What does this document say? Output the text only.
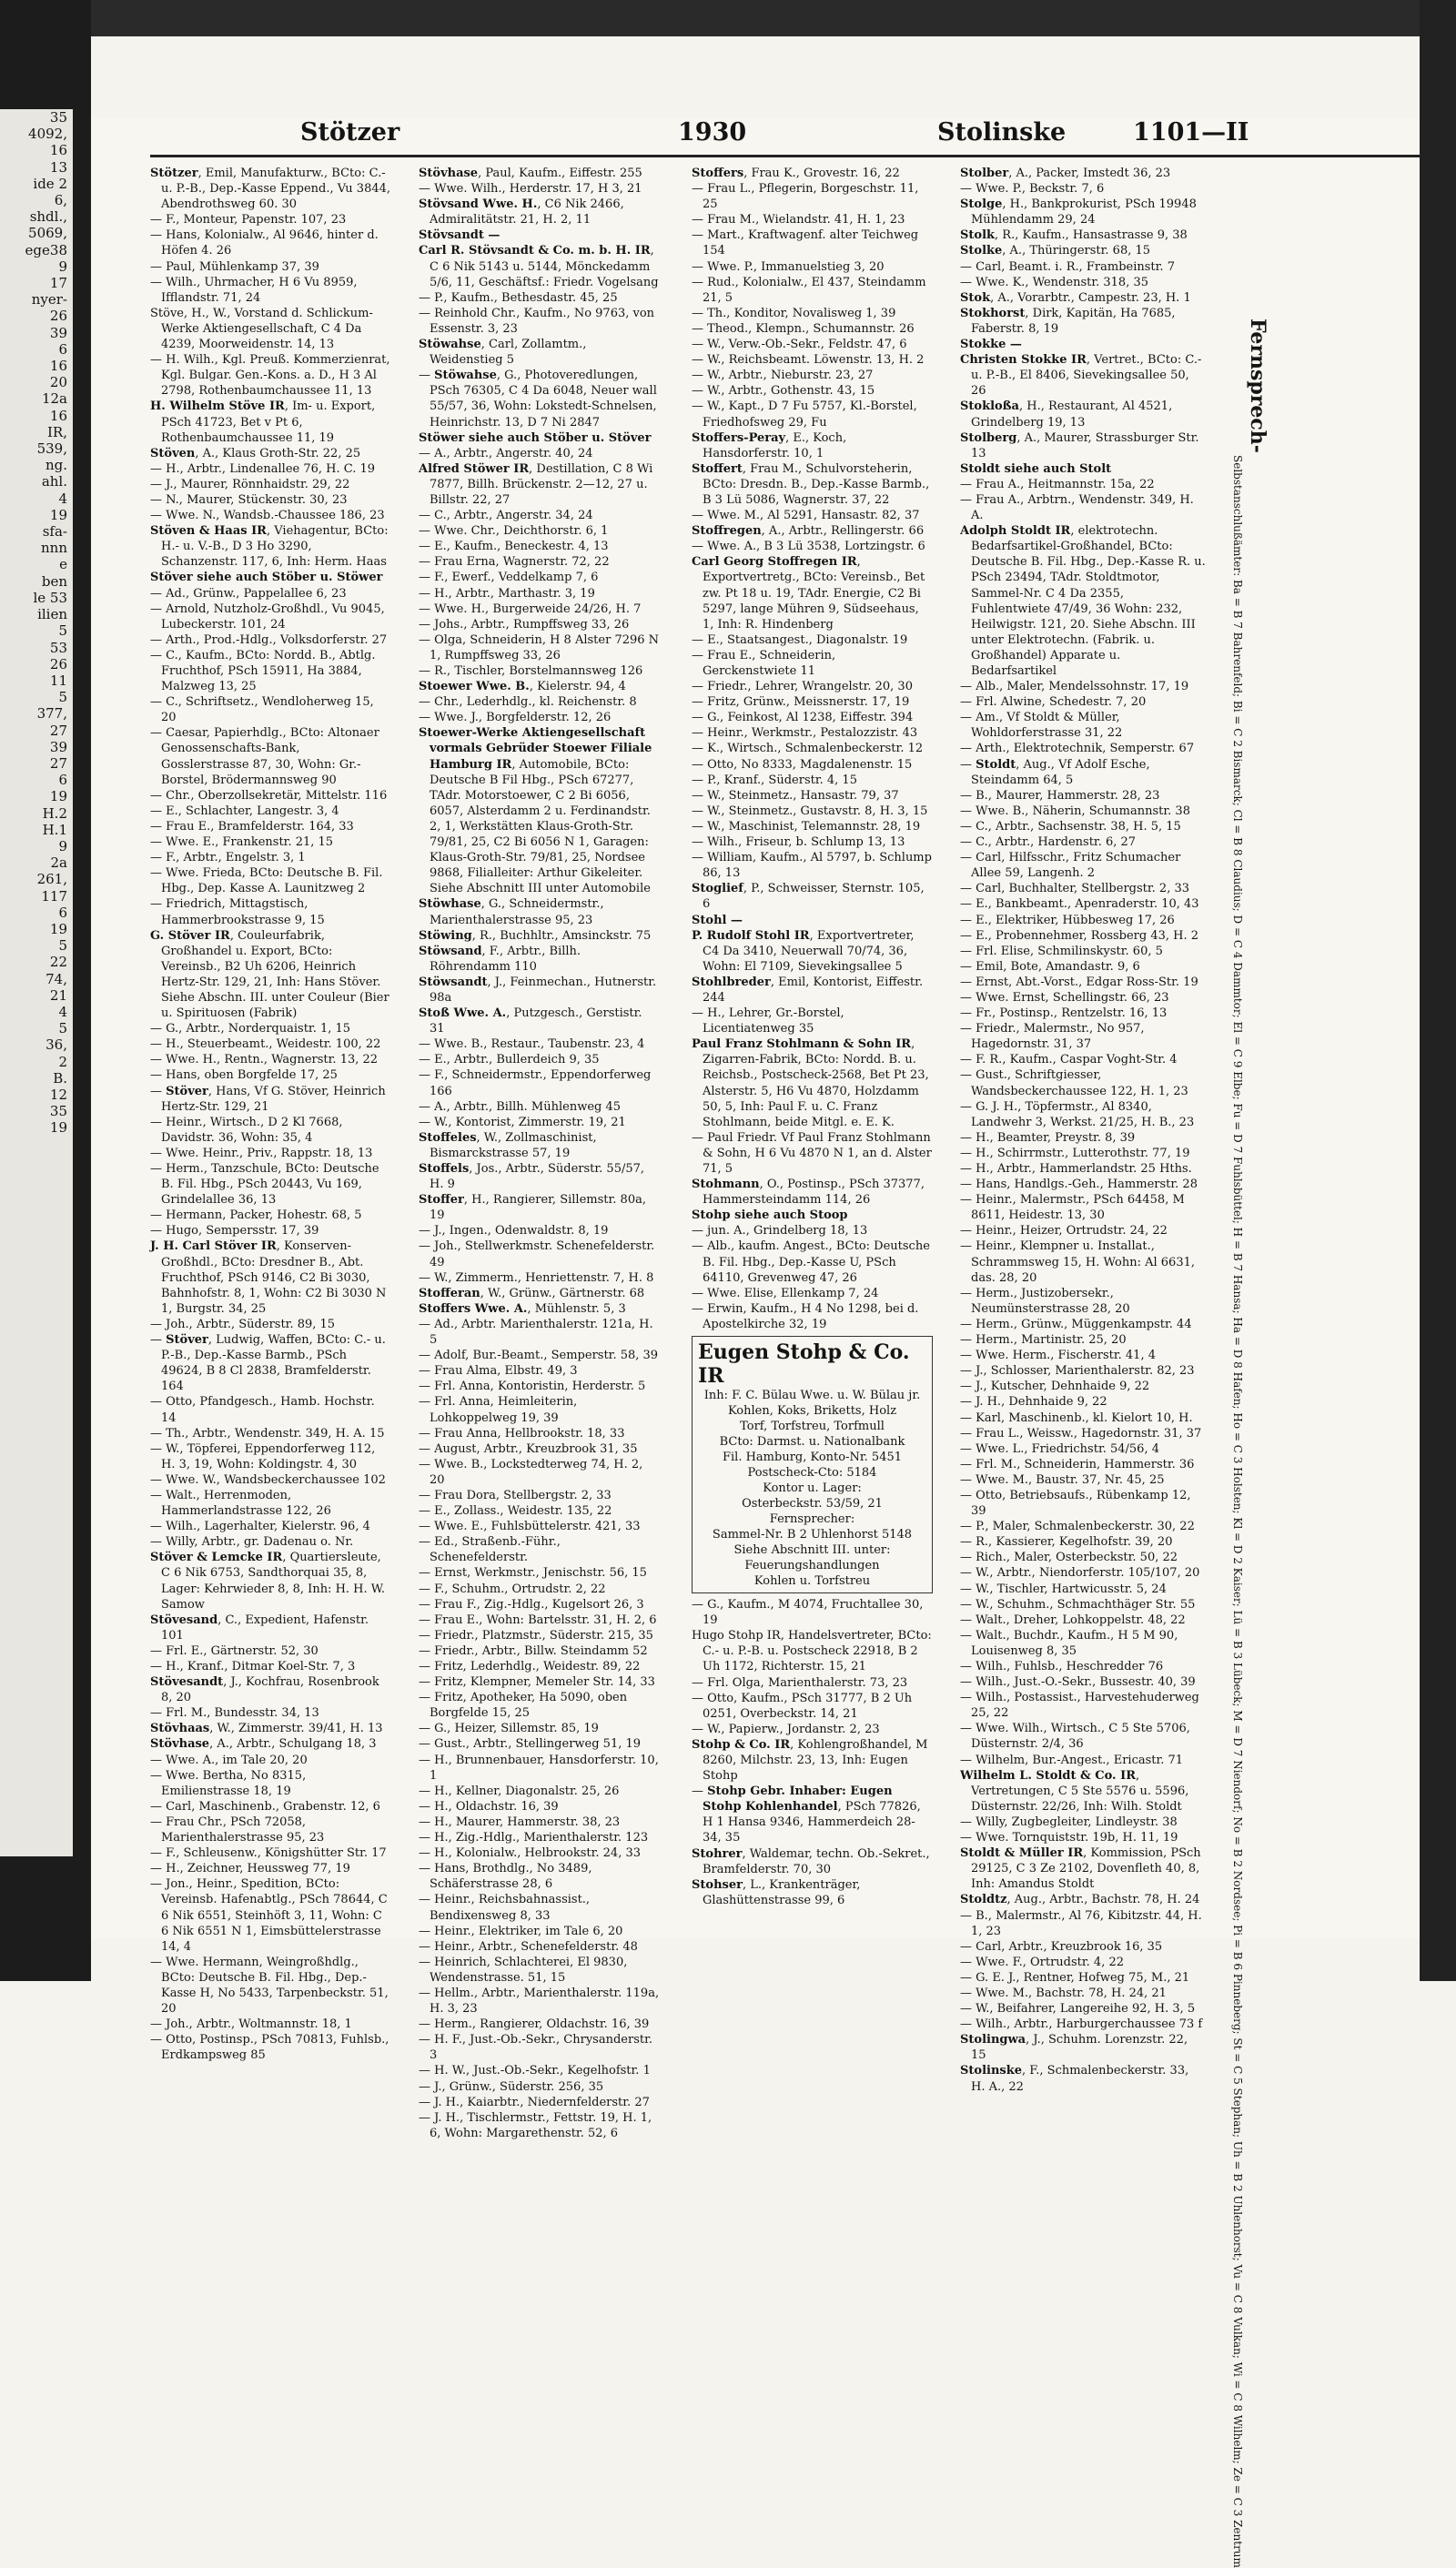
35
4092,
16
13
ide 2
6,
shdl.,
5069,
ege38
9
17
nyer-
26
39
6
16
20
12a
16
IR,
539,
ng.
ahl.
4
19
sfa-
nnn
e
ben
le 53
ilien
5
53
26
11
5
377,
27
39
27
6
19
H.2
H.1
9
2a
261,
117
6
19
5
22
74,
21
4
5
36,
2
B.
12
35
19
Stötzer	1930	Stolinske	1101—II

Stötzer, Emil, Manufakturw., BCto: C.-u. P.-B., Dep.-Kasse Eppend., Vu 3844, Abendrothsweg 60. 30

— F., Monteur, Papenstr. 107, 23

— Hans, Kolonialw., Al 9646, hinter d. Höfen 4. 26

— Paul, Mühlenkamp 37, 39

— Wilh., Uhrmacher, H 6 Vu 8959, Ifflandstr. 71, 24

Stöve, H., W., Vorstand d. Schlickum-Werke Aktiengesellschaft, C 4 Da 4239, Moorweidenstr. 14, 13

— H. Wilh., Kgl. Preuß. Kommerzienrat, Kgl. Bulgar. Gen.-Kons. a. D., H 3 Al 2798, Rothenbaumchaussee 11, 13

H. Wilhelm Stöve IR, Im- u. Export, PSch 41723, Bet v Pt 6, Rothenbaumchaussee 11, 19

Stöven, A., Klaus Groth-Str. 22, 25

— H., Arbtr., Lindenallee 76, H. C. 19

— J., Maurer, Rönnhaidstr. 29, 22

— N., Maurer, Stückenstr. 30, 23

— Wwe. N., Wandsb.-Chaussee 186, 23

Stöven & Haas IR, Viehagentur, BCto: H.- u. V.-B., D 3 Ho 3290, Schanzenstr. 117, 6, Inh: Herm. Haas

Stöver siehe auch Stöber u. Stöwer

— Ad., Grünw., Pappelallee 6, 23

— Arnold, Nutzholz-Großhdl., Vu 9045, Lubeckerstr. 101, 24

— Arth., Prod.-Hdlg., Volksdorferstr. 27

— C., Kaufm., BCto: Nordd. B., Abtlg. Fruchthof, PSch 15911, Ha 3884, Malzweg 13, 25

— C., Schriftsetz., Wendloherweg 15, 20

— Caesar, Papierhdlg., BCto: Altonaer Genossenschafts-Bank, Gosslerstrasse 87, 30, Wohn: Gr.-Borstel, Brödermannsweg 90

— Chr., Oberzollsekretär, Mittelstr. 116

— E., Schlachter, Langestr. 3, 4

— Frau E., Bramfelderstr. 164, 33

— Wwe. E., Frankenstr. 21, 15

— F., Arbtr., Engelstr. 3, 1

— Wwe. Frieda, BCto: Deutsche B. Fil. Hbg., Dep. Kasse A. Launitzweg 2

— Friedrich, Mittagstisch, Hammerbrookstrasse 9, 15

G. Stöver IR, Couleurfabrik, Großhandel u. Export, BCto: Vereinsb., B2 Uh 6206, Heinrich Hertz-Str. 129, 21, Inh: Hans Stöver. Siehe Abschn. III. unter Couleur (Bier u. Spirituosen (Fabrik)

— G., Arbtr., Norderquaistr. 1, 15

— H., Steuerbeamt., Weidestr. 100, 22

— Wwe. H., Rentn., Wagnerstr. 13, 22

— Hans, oben Borgfelde 17, 25

— Stöver, Hans, Vf G. Stöver, Heinrich Hertz-Str. 129, 21

— Heinr., Wirtsch., D 2 Kl 7668, Davidstr. 36, Wohn: 35, 4

— Wwe. Heinr., Priv., Rappstr. 18, 13

— Herm., Tanzschule, BCto: Deutsche B. Fil. Hbg., PSch 20443, Vu 169, Grindelallee 36, 13

— Hermann, Packer, Hohestr. 68, 5

— Hugo, Sempersstr. 17, 39

J. H. Carl Stöver IR, Konserven-Großhdl., BCto: Dresdner B., Abt. Fruchthof, PSch 9146, C2 Bi 3030, Bahnhofstr. 8, 1, Wohn: C2 Bi 3030 N 1, Burgstr. 34, 25

— Joh., Arbtr., Süderstr. 89, 15

— Stöver, Ludwig, Waffen, BCto: C.- u. P.-B., Dep.-Kasse Barmb., PSch 49624, B 8 Cl 2838, Bramfelderstr. 164

— Otto, Pfandgesch., Hamb. Hochstr. 14

— Th., Arbtr., Wendenstr. 349, H. A. 15

— W., Töpferei, Eppendorferweg 112, H. 3, 19, Wohn: Koldingstr. 4, 30

— Wwe. W., Wandsbeckerchaussee 102

— Walt., Herrenmoden, Hammerlandstrasse 122, 26

— Wilh., Lagerhalter, Kielerstr. 96, 4

— Willy, Arbtr., gr. Dadenau o. Nr.

Stöver & Lemcke IR, Quartiersleute, C 6 Nik 6753, Sandthorquai 35, 8, Lager: Kehrwieder 8, 8, Inh: H. H. W. Samow

Stövesand, C., Expedient, Hafenstr. 101

— Frl. E., Gärtnerstr. 52, 30

— H., Kranf., Ditmar Koel-Str. 7, 3

Stövesandt, J., Kochfrau, Rosenbrook 8, 20

— Frl. M., Bundesstr. 34, 13

Stövhaas, W., Zimmerstr. 39/41, H. 13

Stövhase, A., Arbtr., Schulgang 18, 3

— Wwe. A., im Tale 20, 20

— Wwe. Bertha, No 8315, Emilienstrasse 18, 19

— Carl, Maschinenb., Grabenstr. 12, 6

— Frau Chr., PSch 72058, Marienthalerstrasse 95, 23

— F., Schleusenw., Königshütter Str. 17

— H., Zeichner, Heussweg 77, 19

— Jon., Heinr., Spedition, BCto: Vereinsb. Hafenabtlg., PSch 78644, C 6 Nik 6551, Steinhöft 3, 11, Wohn: C 6 Nik 6551 N 1, Eimsbüttelerstrasse 14, 4

— Wwe. Hermann, Weingroßhdlg., BCto: Deutsche B. Fil. Hbg., Dep.-Kasse H, No 5433, Tarpenbeckstr. 51, 20

— Joh., Arbtr., Woltmannstr. 18, 1

— Otto, Postinsp., PSch 70813, Fuhlsb., Erdkampsweg 85

Stövhase, Paul, Kaufm., Eiffestr. 255

— Wwe. Wilh., Herderstr. 17, H 3, 21

Stövsand Wwe. H., C6 Nik 2466, Admiralitätstr. 21, H. 2, 11

Stövsandt —

Carl R. Stövsandt & Co. m. b. H. IR, C 6 Nik 5143 u. 5144, Mönckedamm 5/6, 11, Geschäftsf.: Friedr. Vogelsang

— P., Kaufm., Bethesdastr. 45, 25

— Reinhold Chr., Kaufm., No 9763, von Essenstr. 3, 23

Stöwahse, Carl, Zollamtm., Weidenstieg 5

— Stöwahse, G., Photoveredlungen, PSch 76305, C 4 Da 6048, Neuer wall 55/57, 36, Wohn: Lokstedt-Schnelsen, Heinrichstr. 13, D 7 Ni 2847

Stöwer siehe auch Stöber u. Stöver

— A., Arbtr., Angerstr. 40, 24

Alfred Stöwer IR, Destillation, C 8 Wi 7877, Billh. Brückenstr. 2—12, 27 u. Billstr. 22, 27

— C., Arbtr., Angerstr. 34, 24

— Wwe. Chr., Deichthorstr. 6, 1

— E., Kaufm., Beneckestr. 4, 13

— Frau Erna, Wagnerstr. 72, 22

— F., Ewerf., Veddelkamp 7, 6

— H., Arbtr., Marthastr. 3, 19

— Wwe. H., Burgerweide 24/26, H. 7

— Johs., Arbtr., Rumpffsweg 33, 26

— Olga, Schneiderin, H 8 Alster 7296 N 1, Rumpffsweg 33, 26

— R., Tischler, Borstelmannsweg 126

Stoewer Wwe. B., Kielerstr. 94, 4

— Chr., Lederhdlg., kl. Reichenstr. 8

— Wwe. J., Borgfelderstr. 12, 26

Stoewer-Werke Aktiengesellschaft vormals Gebrüder Stoewer Filiale Hamburg IR, Automobile, BCto: Deutsche B Fil Hbg., PSch 67277, TAdr. Motorstoewer, C 2 Bi 6056, 6057, Alsterdamm 2 u. Ferdinandstr. 2, 1, Werkstätten Klaus-Groth-Str. 79/81, 25, C2 Bi 6056 N 1, Garagen: Klaus-Groth-Str. 79/81, 25, Nordsee 9868, Filialleiter: Arthur Gikeleiter. Siehe Abschnitt III unter Automobile

Stöwhase, G., Schneidermstr., Marienthalerstrasse 95, 23

Stöwing, R., Buchhltr., Amsinckstr. 75

Stöwsand, F., Arbtr., Billh. Röhrendamm 110

Stöwsandt, J., Feinmechan., Hutnerstr. 98a

Stoß Wwe. A., Putzgesch., Gerstistr. 31

— Wwe. B., Restaur., Taubenstr. 23, 4

— E., Arbtr., Bullerdeich 9, 35

— F., Schneidermstr., Eppendorferweg 166

— A., Arbtr., Billh. Mühlenweg 45

— W., Kontorist, Zimmerstr. 19, 21

Stoffeles, W., Zollmaschinist, Bismarckstrasse 57, 19

Stoffels, Jos., Arbtr., Süderstr. 55/57, H. 9

Stoffer, H., Rangierer, Sillemstr. 80a, 19

— J., Ingen., Odenwaldstr. 8, 19

— Joh., Stellwerkmstr. Schenefelderstr. 49

— W., Zimmerm., Henriettenstr. 7, H. 8

Stofferan, W., Grünw., Gärtnerstr. 68

Stoffers Wwe. A., Mühlenstr. 5, 3

— Ad., Arbtr. Marienthalerstr. 121a, H. 5

— Adolf, Bur.-Beamt., Semperstr. 58, 39

— Frau Alma, Elbstr. 49, 3

— Frl. Anna, Kontoristin, Herderstr. 5

— Frl. Anna, Heimleiterin, Lohkoppelweg 19, 39

— Frau Anna, Hellbrookstr. 18, 33

— August, Arbtr., Kreuzbrook 31, 35

— Wwe. B., Lockstedterweg 74, H. 2, 20

— Frau Dora, Stellbergstr. 2, 33

— E., Zollass., Weidestr. 135, 22

— Wwe. E., Fuhlsbüttelerstr. 421, 33

— Ed., Straßenb.-Führ., Schenefelderstr.

— Ernst, Werkmstr., Jenischstr. 56, 15

— F., Schuhm., Ortrudstr. 2, 22

— Frau F., Zig.-Hdlg., Kugelsort 26, 3

— Frau E., Wohn: Bartelsstr. 31, H. 2, 6

— Friedr., Platzmstr., Süderstr. 215, 35

— Friedr., Arbtr., Billw. Steindamm 52

— Fritz, Lederhdlg., Weidestr. 89, 22

— Fritz, Klempner, Memeler Str. 14, 33

— Fritz, Apotheker, Ha 5090, oben Borgfelde 15, 25

— G., Heizer, Sillemstr. 85, 19

— Gust., Arbtr., Stellingerweg 51, 19

— H., Brunnenbauer, Hansdorferstr. 10, 1

— H., Kellner, Diagonalstr. 25, 26

— H., Oldachstr. 16, 39

— H., Maurer, Hammerstr. 38, 23

— H., Zig.-Hdlg., Marienthalerstr. 123

— H., Kolonialw., Helbrookstr. 24, 33

— Hans, Brothdlg., No 3489, Schäferstrasse 28, 6

— Heinr., Reichsbahnassist., Bendixensweg 8, 33

— Heinr., Elektriker, im Tale 6, 20

— Heinr., Arbtr., Schenefelderstr. 48

— Heinrich, Schlachterei, El 9830, Wendenstrasse. 51, 15

— Hellm., Arbtr., Marienthalerstr. 119a, H. 3, 23

— Herm., Rangierer, Oldachstr. 16, 39

— H. F., Just.-Ob.-Sekr., Chrysanderstr. 3

— H. W., Just.-Ob.-Sekr., Kegelhofstr. 1

— J., Grünw., Süderstr. 256, 35

— J. H., Kaiarbtr., Niedernfelderstr. 27

— J. H., Tischlermstr., Fettstr. 19, H. 1, 6, Wohn: Margarethenstr. 52, 6

Stoffers, Frau K., Grovestr. 16, 22

— Frau L., Pflegerin, Borgeschstr. 11, 25

— Frau M., Wielandstr. 41, H. 1, 23

— Mart., Kraftwagenf. alter Teichweg 154

— Wwe. P., Immanuelstieg 3, 20

— Rud., Kolonialw., El 437, Steindamm 21, 5

— Th., Konditor, Novalisweg 1, 39

— Theod., Klempn., Schumannstr. 26

— W., Verw.-Ob.-Sekr., Feldstr. 47, 6

— W., Reichsbeamt. Löwenstr. 13, H. 2

— W., Arbtr., Nieburstr. 23, 27

— W., Arbtr., Gothenstr. 43, 15

— W., Kapt., D 7 Fu 5757, Kl.-Borstel, Friedhofsweg 29, Fu

Stoffers-Peray, E., Koch, Hansdorferstr. 10, 1

Stoffert, Frau M., Schulvorsteherin, BCto: Dresdn. B., Dep.-Kasse Barmb., B 3 Lü 5086, Wagnerstr. 37, 22

— Wwe. M., Al 5291, Hansastr. 82, 37

Stoffregen, A., Arbtr., Rellingerstr. 66

— Wwe. A., B 3 Lü 3538, Lortzingstr. 6

Carl Georg Stoffregen IR, Exportvertretg., BCto: Vereinsb., Bet zw. Pt 18 u. 19, TAdr. Energie, C2 Bi 5297, lange Mühren 9, Südseehaus, 1, Inh: R. Hindenberg

— E., Staatsangest., Diagonalstr. 19

— Frau E., Schneiderin, Gerckenstwiete 11

— Friedr., Lehrer, Wrangelstr. 20, 30

— Fritz, Grünw., Meissnerstr. 17, 19

— G., Feinkost, Al 1238, Eiffestr. 394

— Heinr., Werkmstr., Pestalozzistr. 43

— K., Wirtsch., Schmalenbeckerstr. 12

— Otto, No 8333, Magdalenenstr. 15

— P., Kranf., Süderstr. 4, 15

— W., Steinmetz., Hansastr. 79, 37

— W., Steinmetz., Gustavstr. 8, H. 3, 15

— W., Maschinist, Telemannstr. 28, 19

— Wilh., Friseur, b. Schlump 13, 13

— William, Kaufm., Al 5797, b. Schlump 86, 13

Stoglief, P., Schweisser, Sternstr. 105, 6

Stohl —

P. Rudolf Stohl IR, Exportvertreter, C4 Da 3410, Neuerwall 70/74, 36, Wohn: El 7109, Sievekingsallee 5

Stohlbreder, Emil, Kontorist, Eiffestr. 244

— H., Lehrer, Gr.-Borstel, Licentiatenweg 35

Paul Franz Stohlmann & Sohn IR, Zigarren-Fabrik, BCto: Nordd. B. u. Reichsb., Postscheck-2568, Bet Pt 23, Alsterstr. 5, H6 Vu 4870, Holzdamm 50, 5, Inh: Paul F. u. C. Franz Stohlmann, beide Mitgl. e. E. K.

— Paul Friedr. Vf Paul Franz Stohlmann & Sohn, H 6 Vu 4870 N 1, an d. Alster 71, 5

Stohmann, O., Postinsp., PSch 37377, Hammersteindamm 114, 26

Stohp siehe auch Stoop

— jun. A., Grindelberg 18, 13

— Alb., kaufm. Angest., BCto: Deutsche B. Fil. Hbg., Dep.-Kasse U, PSch 64110, Grevenweg 47, 26

— Wwe. Elise, Ellenkamp 7, 24

— Erwin, Kaufm., H 4 No 1298, bei d. Apostelkirche 32, 19

Eugen Stohp & Co. IR
Inh: F. C. Bülau Wwe. u. W. Bülau jr.
Kohlen, Koks, Briketts, Holz
Torf, Torfstreu, Torfmull
BCto: Darmst. u. Nationalbank
Fil. Hamburg, Konto-Nr. 5451
Postscheck-Cto: 5184
Kontor u. Lager:
Osterbeckstr. 53/59, 21
Fernsprecher:
Sammel-Nr. B 2 Uhlenhorst 5148
Siehe Abschnitt III. unter:
Feuerungshandlungen
Kohlen u. Torfstreu

— G., Kaufm., M 4074, Fruchtallee 30, 19

Hugo Stohp IR, Handelsvertreter, BCto: C.- u. P.-B. u. Postscheck 22918, B 2 Uh 1172, Richterstr. 15, 21

— Frl. Olga, Marienthalerstr. 73, 23

— Otto, Kaufm., PSch 31777, B 2 Uh 0251, Overbeckstr. 14, 21

— W., Papierw., Jordanstr. 2, 23

Stohp & Co. IR, Kohlengroßhandel, M 8260, Milchstr. 23, 13, Inh: Eugen Stohp

— Stohp Gebr. Inhaber: Eugen Stohp Kohlenhandel, PSch 77826, H 1 Hansa 9346, Hammerdeich 28-34, 35

Stohrer, Waldemar, techn. Ob.-Sekret., Bramfelderstr. 70, 30

Stohser, L., Krankenträger, Glashüttenstrasse 99, 6

Stolber, A., Packer, Imstedt 36, 23

— Wwe. P., Beckstr. 7, 6

Stolge, H., Bankprokurist, PSch 19948 Mühlendamm 29, 24

Stolk, R., Kaufm., Hansastrasse 9, 38

Stolke, A., Thüringerstr. 68, 15

— Carl, Beamt. i. R., Frambeinstr. 7

— Wwe. K., Wendenstr. 318, 35

Stok, A., Vorarbtr., Campestr. 23, H. 1

Stokhorst, Dirk, Kapitän, Ha 7685, Faberstr. 8, 19

Stokke —

Christen Stokke IR, Vertret., BCto: C.- u. P.-B., El 8406, Sievekingsallee 50, 26

Stokloßa, H., Restaurant, Al 4521, Grindelberg 19, 13

Stolberg, A., Maurer, Strassburger Str. 13

Stoldt siehe auch Stolt

— Frau A., Heitmannstr. 15a, 22

— Frau A., Arbtrn., Wendenstr. 349, H. A.

Adolph Stoldt IR, elektrotechn. Bedarfsartikel-Großhandel, BCto: Deutsche B. Fil. Hbg., Dep.-Kasse R. u. PSch 23494, TAdr. Stoldtmotor, Sammel-Nr. C 4 Da 2355, Fuhlentwiete 47/49, 36 Wohn: 232, Heilwigstr. 121, 20. Siehe Abschn. III unter Elektrotechn. (Fabrik. u. Großhandel) Apparate u. Bedarfsartikel

— Alb., Maler, Mendelssohnstr. 17, 19

— Frl. Alwine, Schedestr. 7, 20

— Am., Vf Stoldt & Müller, Wohldorferstrasse 31, 22

— Arth., Elektrotechnik, Semperstr. 67

— Stoldt, Aug., Vf Adolf Esche, Steindamm 64, 5

— B., Maurer, Hammerstr. 28, 23

— Wwe. B., Näherin, Schumannstr. 38

— C., Arbtr., Sachsenstr. 38, H. 5, 15

— C., Arbtr., Hardenstr. 6, 27

— Carl, Hilfsschr., Fritz Schumacher Allee 59, Langenh. 2

— Carl, Buchhalter, Stellbergstr. 2, 33

— E., Bankbeamt., Apenraderstr. 10, 43

— E., Elektriker, Hübbesweg 17, 26

— E., Probennehmer, Rossberg 43, H. 2

— Frl. Elise, Schmilinskystr. 60, 5

— Emil, Bote, Amandastr. 9, 6

— Ernst, Abt.-Vorst., Edgar Ross-Str. 19

— Wwe. Ernst, Schellingstr. 66, 23

— Fr., Postinsp., Rentzelstr. 16, 13

— Friedr., Malermstr., No 957, Hagedornstr. 31, 37

— F. R., Kaufm., Caspar Voght-Str. 4

— Gust., Schriftgiesser, Wandsbeckerchaussee 122, H. 1, 23

— G. J. H., Töpfermstr., Al 8340, Landwehr 3, Werkst. 21/25, H. B., 23

— H., Beamter, Preystr. 8, 39

— H., Schirrmstr., Lutterothstr. 77, 19

— H., Arbtr., Hammerlandstr. 25 Hths.

— Hans, Handlgs.-Geh., Hammerstr. 28

— Heinr., Malermstr., PSch 64458, M 8611, Heidestr. 13, 30

— Heinr., Heizer, Ortrudstr. 24, 22

— Heinr., Klempner u. Installat., Schrammsweg 15, H. Wohn: Al 6631, das. 28, 20

— Herm., Justizobersekr., Neumünsterstrasse 28, 20

— Herm., Grünw., Müggenkampstr. 44

— Herm., Martinistr. 25, 20

— Wwe. Herm., Fischerstr. 41, 4

— J., Schlosser, Marienthalerstr. 82, 23

— J., Kutscher, Dehnhaide 9, 22

— J. H., Dehnhaide 9, 22

— Karl, Maschinenb., kl. Kielort 10, H.

— Frau L., Weissw., Hagedornstr. 31, 37

— Wwe. L., Friedrichstr. 54/56, 4

— Frl. M., Schneiderin, Hammerstr. 36

— Wwe. M., Baustr. 37, Nr. 45, 25

— Otto, Betriebsaufs., Rübenkamp 12, 39

— P., Maler, Schmalenbeckerstr. 30, 22

— R., Kassierer, Kegelhofstr. 39, 20

— Rich., Maler, Osterbeckstr. 50, 22

— W., Arbtr., Niendorferstr. 105/107, 20

— W., Tischler, Hartwicusstr. 5, 24

— W., Schuhm., Schmachthäger Str. 55

— Walt., Dreher, Lohkoppelstr. 48, 22

— Walt., Buchdr., Kaufm., H 5 M 90, Louisenweg 8, 35

— Wilh., Fuhlsb., Heschredder 76

— Wilh., Just.-O.-Sekr., Bussestr. 40, 39

— Wilh., Postassist., Harvestehuderweg 25, 22

— Wwe. Wilh., Wirtsch., C 5 Ste 5706, Düsternstr. 2/4, 36

— Wilhelm, Bur.-Angest., Ericastr. 71

Wilhelm L. Stoldt & Co. IR, Vertretungen, C 5 Ste 5576 u. 5596, Düsternstr. 22/26, Inh: Wilh. Stoldt

— Willy, Zugbegleiter, Lindleystr. 38

— Wwe. Tornquiststr. 19b, H. 11, 19

Stoldt & Müller IR, Kommission, PSch 29125, C 3 Ze 2102, Dovenfleth 40, 8, Inh: Amandus Stoldt

Stoldtz, Aug., Arbtr., Bachstr. 78, H. 24

— B., Malermstr., Al 76, Kibitzstr. 44, H. 1, 23

— Carl, Arbtr., Kreuzbrook 16, 35

— Wwe. F., Ortrudstr. 4, 22

— G. E. J., Rentner, Hofweg 75, M., 21

— Wwe. M., Bachstr. 78, H. 24, 21

— W., Beifahrer, Langereihe 92, H. 3, 5

— Wilh., Arbtr., Harburgerchaussee 73 f

Stolingwa, J., Schuhm. Lorenzstr. 22, 15

Stolinske, F., Schmalenbeckerstr. 33, H. A., 22

Fernsprech-
Selbstanschlußämter: Ba = B 7 Bahrenfeld; Bi = C 2 Bismarck; Cl = B 8 Claudius; D = C 4 Dammtor; El = C 9 Elbe; Fu = D 7 Fuhlsbüttel; H = B 7 Hansa; Ha = D 8 Hafen; Ho = C 3 Holsten; Kl = D 2 Kaiser; Lü = B 3 Lübeck; M = D 7 Niendorf; No = B 2 Nordsee; Pi = B 6 Pinneberg; St = C 5 Stephan; Uh = B 2 Uhlenhorst; Vu = C 8 Vulkan; Wi = C 8 Wilhelm; Ze = C 3 Zentrum
